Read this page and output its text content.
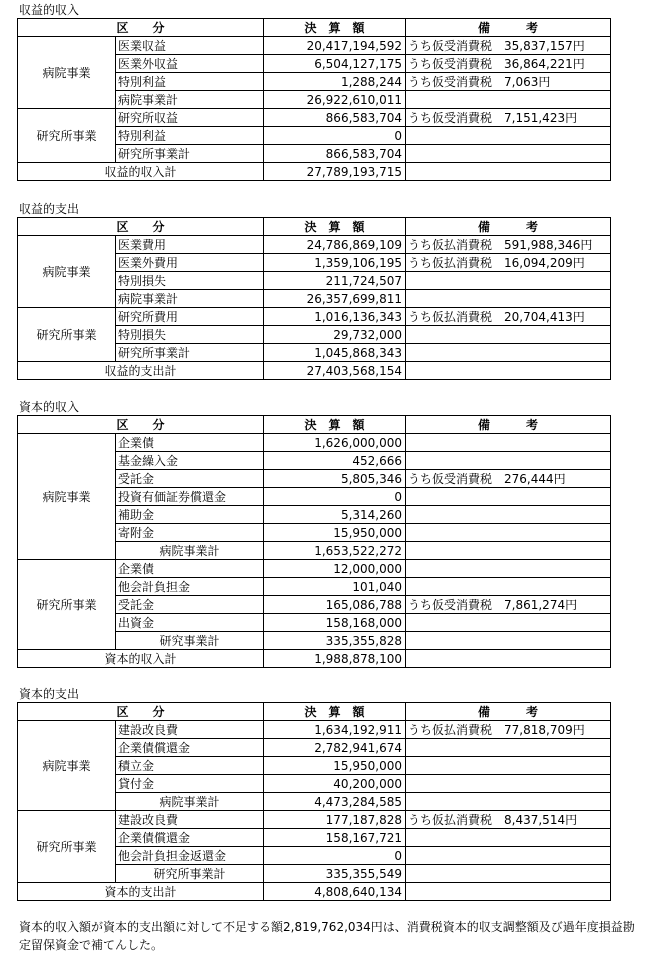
収益的収入
区　　分		決　算　額	備　　　考
病院事業	医業収益	20,417,194,592	うち仮受消費税　35,837,157円
	医業外収益	6,504,127,175	うち仮受消費税　36,864,221円
	特別利益	1,288,244	うち仮受消費税　7,063円
	病院事業計	26,922,610,011	
研究所事業	研究所収益	866,583,704	うち仮受消費税　7,151,423円
	特別利益	0	
	研究所事業計	866,583,704	
収益的収入計		27,789,193,715	
収益的支出
区　　分		決　算　額	備　　　考
病院事業	医業費用	24,786,869,109	うち仮払消費税　591,988,346円
	医業外費用	1,359,106,195	うち仮払消費税　16,094,209円
	特別損失	211,724,507	
	病院事業計	26,357,699,811	
研究所事業	研究所費用	1,016,136,343	うち仮払消費税　20,704,413円
	特別損失	29,732,000	
	研究所事業計	1,045,868,343	
収益的支出計		27,403,568,154	
資本的収入
区　　分		決　算　額	備　　　考
病院事業	企業債	1,626,000,000	
	基金繰入金	452,666	
	受託金	5,805,346	うち仮受消費税　276,444円
	投資有価証券償還金	0	
	補助金	5,314,260	
	寄附金	15,950,000	
	病院事業計	1,653,522,272	
研究所事業	企業債	12,000,000	
	他会計負担金	101,040	
	受託金	165,086,788	うち仮受消費税　7,861,274円
	出資金	158,168,000	
	研究事業計	335,355,828	
資本的収入計		1,988,878,100	
資本的支出
区　　分		決　算　額	備　　　考
病院事業	建設改良費	1,634,192,911	うち仮払消費税　77,818,709円
	企業債償還金	2,782,941,674	
	積立金	15,950,000	
	貸付金	40,200,000	
	病院事業計	4,473,284,585	
研究所事業	建設改良費	177,187,828	うち仮払消費税　8,437,514円
	企業債償還金	158,167,721	
	他会計負担金返還金	0	
	研究所事業計	335,355,549	
資本的支出計		4,808,640,134	
資本的収入額が資本的支出額に対して不足する額2,819,762,034円は、消費税資本的収支調整額及び過年度損益勘定留保資金で補てんした。
